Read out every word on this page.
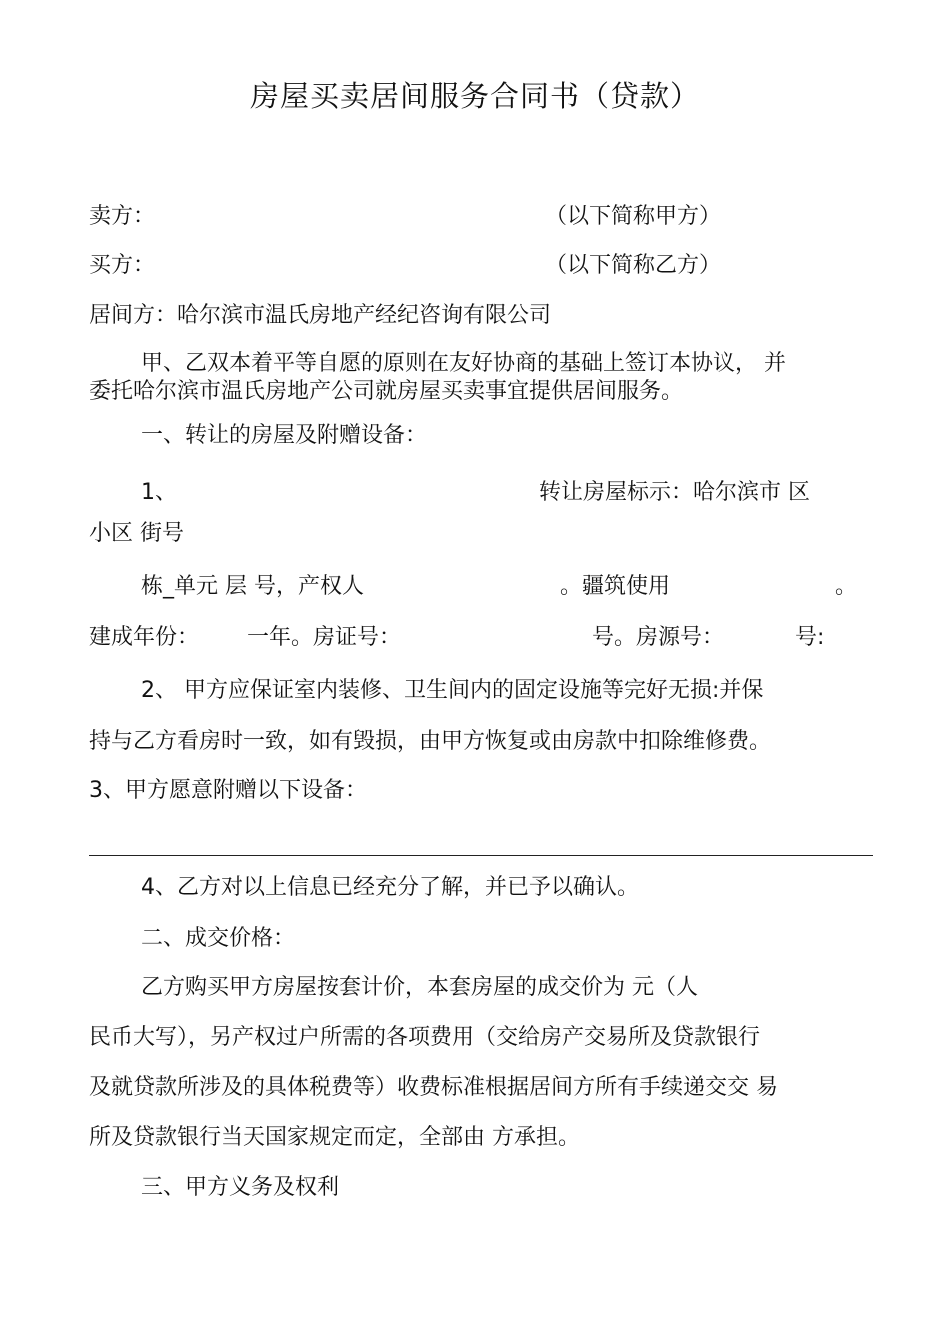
房屋买卖居间服务合同书（贷款）
卖方：	（以下简称甲方）
买方：	（以下简称乙方）
居间方：哈尔滨市温氏房地产经纪咨询有限公司
甲、乙双本着平等自愿的原则在友好协商的基础上签订本协议， 并
委托哈尔滨市温氏房地产公司就房屋买卖事宜提供居间服务。
一、转让的房屋及附赠设备：
1、	转让房屋标示：哈尔滨市 区
小区 街号
栋_单元 层 号，产权人	。疆筑使用	。
建成年份： 一年。房证号：	号。房源号：	号:
2、 甲方应保证室内装修、卫生间内的固定设施等完好无损:并保
持与乙方看房时一致，如有毁损，由甲方恢复或由房款中扣除维修费。
3、甲方愿意附赠以下设备：
4、乙方对以上信息已经充分了解，并已予以确认。
二、成交价格：
乙方购买甲方房屋按套计价，本套房屋的成交价为 元（人
民币大写），另产权过户所需的各项费用（交给房产交易所及贷款银行
及就贷款所涉及的具体税费等）收费标准根据居间方所有手续递交交 易
所及贷款银行当天国家规定而定，全部由 方承担。
三、甲方义务及权利
